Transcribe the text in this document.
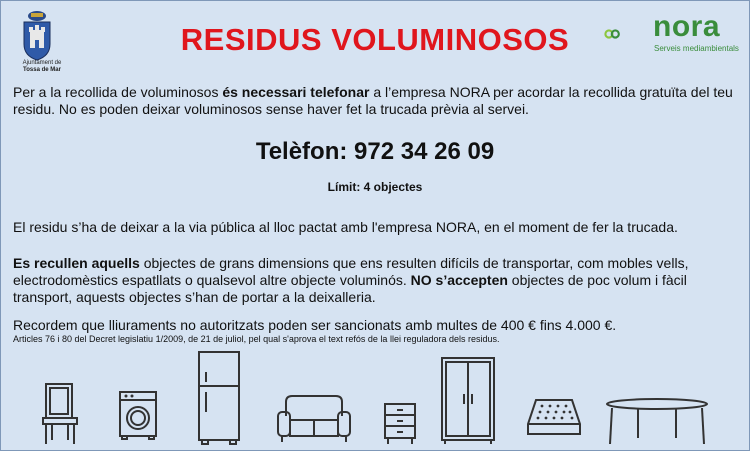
Ajuntament de
Tossa de Mar
RESIDUS VOLUMINOSOS	nora
Serveis mediambientals
Per a la recollida de voluminosos és necessari telefonar a l’empresa NORA per acordar la recollida gratuïta del teu residu. No es poden deixar voluminosos sense haver fet la trucada prèvia al servei.
Telèfon: 972 34 26 09
Límit: 4 objectes
El residu s’ha de deixar a la via pública al lloc pactat amb l'empresa NORA, en el moment de fer la trucada.
Es recullen aquells objectes de grans dimensions que ens resulten difícils de transportar, com mobles vells, electrodomèstics espatllats o qualsevol altre objecte voluminós. NO s’accepten objectes de poc volum i fàcil transport, aquests objectes s’han de portar a la deixalleria.
Recordem que lliuraments no autoritzats poden ser sancionats amb multes de 400 € fins 4.000 €.
Articles 76 i 80 del Decret legislatiu 1/2009, de 21 de juliol, pel qual s'aprova el text refós de la llei reguladora dels residus.
